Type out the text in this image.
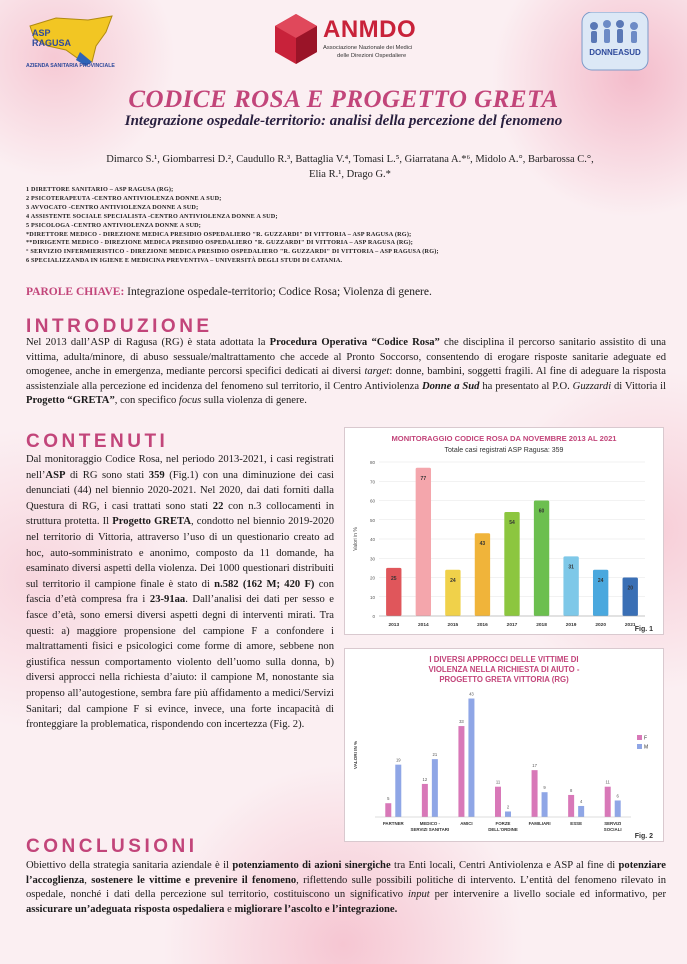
ASP
RAGUSA
AZIENDA SANITARIA PROVINCIALE
ANMDO
Associazione Nazionale dei Medici
delle Direzioni Ospedaliere	DONNEASUD
CODICE ROSA E PROGETTO GRETA
Integrazione ospedale-territorio: analisi della percezione del fenomeno
Dimarco S.¹, Giombarresi D.², Caudullo R.³, Battaglia V.⁴, Tomasi L.⁵, Giarratana A.*⁶, Midolo A.°, Barbarossa C.°,
Elia R.¹, Drago G.*
1 DIRETTORE SANITARIO – ASP RAGUSA (RG);
2 PSICOTERAPEUTA -CENTRO ANTIVIOLENZA DONNE A SUD;
3 AVVOCATO -CENTRO ANTIVIOLENZA DONNE A SUD;
4 ASSISTENTE SOCIALE SPECIALISTA -CENTRO ANTIVIOLENZA DONNE A SUD;
5 PSICOLOGA -CENTRO ANTIVIOLENZA DONNE A SUD;
*DIRETTORE MEDICO - DIREZIONE MEDICA PRESIDIO OSPEDALIERO "R. GUZZARDI" DI VITTORIA – ASP RAGUSA (RG);
**DIRIGENTE MEDICO - DIREZIONE MEDICA PRESIDIO OSPEDALIERO "R. GUZZARDI" DI VITTORIA – ASP RAGUSA (RG);
° SERVIZIO INFERMIERISTICO - DIREZIONE MEDICA PRESIDIO OSPEDALIERO "R. GUZZARDI" DI VITTORIA – ASP RAGUSA (RG);
6 SPECIALIZZANDA IN IGIENE E MEDICINA PREVENTIVA – UNIVERSITÀ DEGLI STUDI DI CATANIA.
PAROLE CHIAVE: Integrazione ospedale-territorio; Codice Rosa; Violenza di genere.
INTRODUZIONE
Nel 2013 dall’ASP di Ragusa (RG) è stata adottata la Procedura Operativa “Codice Rosa” che disciplina il percorso sanitario assistito di una vittima, adulta/minore, di abuso sessuale/maltrattamento che accede al Pronto Soccorso, consentendo di erogare risposte sanitarie adeguate ed omogenee, anche in emergenza, mediante percorsi specifici dedicati ai diversi target: donne, bambini, soggetti fragili. Al fine di adeguare la risposta assistenziale alla percezione ed incidenza del fenomeno sul territorio, il Centro Antiviolenza Donne a Sud ha presentato al P.O. Guzzardi di Vittoria il Progetto “GRETA”, con specifico focus sulla violenza di genere.
CONTENUTI
Dal monitoraggio Codice Rosa, nel periodo 2013-2021, i casi registrati nell’ASP di RG sono stati 359 (Fig.1) con una diminuzione dei casi denunciati (44) nel biennio 2020-2021. Nel 2020, dai dati forniti dalla Questura di RG, i casi trattati sono stati 22 con n.3 collocamenti in struttura protetta. Il Progetto GRETA, condotto nel biennio 2019-2020 nel territorio di Vittoria, attraverso l’uso di un questionario creato ad hoc, auto-somministrato e anonimo, composto da 11 domande, ha esaminato diversi aspetti della violenza. Dei 1000 questionari distribuiti sul territorio il campione finale è stato di n.582 (162 M; 420 F) con fascia d’età compresa fra i 23-91aa. Dall’analisi dei dati per sesso e fasce d’età, sono emersi diversi aspetti degni di interventi mirati. Tra questi: a) maggiore propensione del campione F a confondere i maltrattamenti fisici e psicologici come forme di amore, sebbene non giustifica nessun comportamento violento dell’uomo sulla donna, b) diversi approcci nella richiesta d’aiuto: il campione M, nonostante sia propenso all’autogestione, sembra fare più affidamento a medici/Servizi Sanitari; dal campione F si evince, invece, una forte incapacità di fronteggiare la problematica, rispondendo con incertezza (Fig. 2).
MONITORAGGIO CODICE ROSA DA NOVEMBRE 2013 AL 2021
Totale casi registrati ASP Ragusa: 359
0
10
20
30
40
50
60
70
80
Valori in %
25
2013
77
2014
24
2015
43
2016
54
2017
60
2018
31
2019
24
2020
20
2021
Fig. 1
I DIVERSI APPROCCI DELLE VITTIME DI
VIOLENZA NELLA RICHIESTA DI AIUTO -
PROGETTO GRETA VITTORIA (RG)
VALORI IN %
5
19
PARTNER
12
21
MEDICO -
SERVIZI SANITARI
33
43
AMICI
11
2
FORZE
DELL'ORDINE
17
9
FAMILIARI
8
4
ESSE
11
6
SERVIZI
SOCIALI
F
M
Fig. 2
CONCLUSIONI
Obiettivo della strategia sanitaria aziendale è il potenziamento di azioni sinergiche tra Enti locali, Centri Antiviolenza e ASP al fine di potenziare l’accoglienza, sostenere le vittime e prevenire il fenomeno, riflettendo sulle possibili politiche di intervento. L’entità del fenomeno rilevato in ospedale, nonché i dati della percezione sul territorio, costituiscono un significativo input per intervenire a livello sociale ed informativo, per assicurare un’adeguata risposta ospedaliera e migliorare l’ascolto e l’integrazione.
